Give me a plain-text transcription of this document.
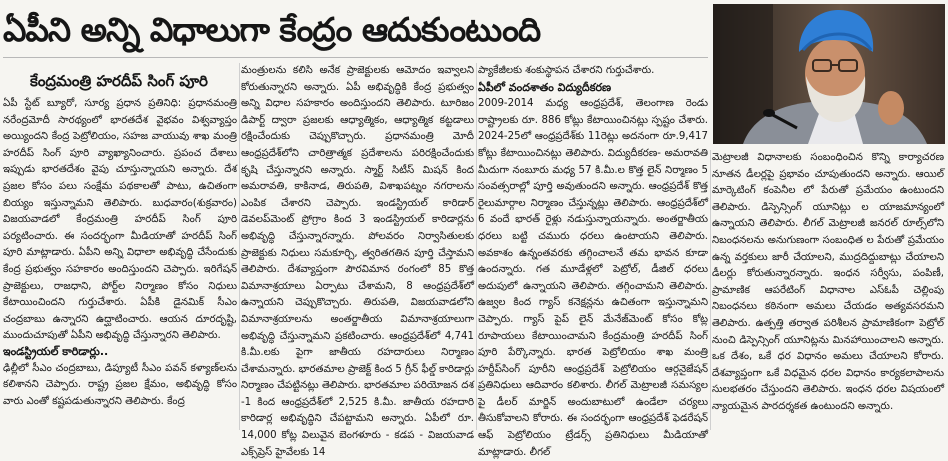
ఏపీని అన్ని విధాలుగా కేంద్రం ఆదుకుంటుంది
కేంద్రమంత్రి హరదీప్ సింగ్ పూరి

ఏపీ స్టేట్ బ్యూరో, సూర్య ప్రధాన ప్రతినిధి: ప్రధానమంత్రి నరేంద్రమోదీ సారథ్యంలో భారతదేశ వైభవం విశ్వవ్యాప్తం అయ్యిందని కేంద్ర పెట్రోలియం, సహజ వాయువు శాఖ మంత్రి హరదీప్ సింగ్ పూరి వ్యాఖ్యానించారు. ప్రపంచ దేశాలు ఇప్పుడు భారతదేశం వైపు చూస్తున్నాయని అన్నారు. దేశ ప్రజల కోసం పలు సంక్షేమ పథకాలతో పాటు, ఉచితంగా బియ్యం ఇస్తున్నామని తెలిపారు. బుధవారం(శుక్రవారం) విజయవాడలో కేంద్రమంత్రి హరదీప్ సింగ్ పూరి పర్యటించారు. ఈ సందర్భంగా మీడియాతో హరదీప్ సింగ్ పూరి మాట్లాడారు. ఏపీని అన్ని విధాలా అభివృద్ధి చేసేందుకు కేంద్ర ప్రభుత్వం సహకారం అందిస్తుందని చెప్పారు. ఇరిగేషన్ ప్రాజెక్టులు, రాజధాని, పోర్ట్‌ల నిర్మాణం కోసం నిధులు కేటాయించిందని గుర్తుచేశారు. ఏపీకి డైనమిక్ సీఎం చంద్రబాబు ఉన్నారని ఉద్ఘాటించారు. ఆయన దూరదృష్టి, ముందుచూపుతో ఏపీని అభివృద్ధి చేస్తున్నారని తెలిపారు.

ఇండస్ట్రియల్ కారిడార్లు..

ఢిల్లీలో సీఎం చంద్రబాబు, డిప్యూటీ సీఎం పవన్ కళ్యాణ్‌లను కలిశానని చెప్పారు. రాష్ట్ర ప్రజల క్షేమం, అభివృద్ధి కోసం వారు ఎంతో కష్టపడుతున్నారని తెలిపారు. కేంద్ర

మంత్రులను కలిసి అనేక ప్రాజెక్టులకు ఆమోదం ఇవ్వాలని కోరుతున్నారని అన్నారు. ఏపీ అభివృద్ధికి కేంద్ర ప్రభుత్వం అన్ని విధాల సహకారం అందిస్తుందని తెలిపారు. టూరిజం డిపార్ట్ ద్వారా ప్రజలకు ఆధ్యాత్మికం, ఆధ్యాత్మిక కట్టడాలు రక్షించేందుకు చెప్పుకొచ్చారు. ప్రధానమంత్రి మోదీ ఆంధ్రప్రదేశ్‌లోని చారిత్రాత్మక ప్రదేశాలను పరిరక్షించేందుకు కృషి చేస్తున్నారని అన్నారు. స్మార్ట్ సిటీస్ మిషన్ కింద అమరావతి, కాకినాడ, తిరుపతి, విశాఖపట్నం నగరాలను ఎంపిక చేశారని చెప్పారు. ఇండస్ట్రియల్ కారిడార్ డెవలప్‌మెంట్ ప్రోగ్రాం కింద 3 ఇండస్ట్రియల్ కారిడార్లను అభివృద్ధి చేస్తున్నారన్నారు. పోలవరం నిర్వాసితులకు ప్రాజెక్టుకు నిధులు సమకూర్చి, త్వరితగతిన పూర్తి చేస్తామని తెలిపారు. దేశవ్యాప్తంగా పౌరవిమాన రంగంలో 85 కొత్త విమానాశ్రయాలు ఏర్పాటు చేశామని, 8 ఆంధ్రప్రదేశ్‌లో ఉన్నాయని చెప్పుకొచ్చారు. తిరుపతి, విజయవాడలోని విమానాశ్రయాలను అంతర్జాతీయ విమానాశ్రయాలుగా అభివృద్ధి చేస్తున్నామని ప్రకటించారు. ఆంధ్రప్రదేశ్‌లో 4,741 కి.మీ.లకు పైగా జాతీయ రహదారులు నిర్మాణం చేశామన్నారు. భారతమాల ప్రాజెక్ట్ కింద 5 గ్రీన్ ఫీల్డ్ కారిడార్లు నిర్మాణం చేపట్టినట్లు తెలిపారు. భారతమాల పరియోజన దశ -1 కింద ఆంధ్రప్రదేశ్‌లో 2,525 కి.మీ. జాతీయ రహదారి కారిడార్ల అభివృద్ధిని చేపట్టామని అన్నారు. ఏపీలో రూ. 14,000 కోట్ల విలువైన బెంగళూరు - కడప - విజయవాడ ఎక్స్‌ప్రెస్ హైవేలకు 14

ప్యాకేజీలకు శంకుస్థాపన చేశారని గుర్తుచేశారు.

ఏపీలో వందశాతం విద్యుదీకరణ

2009-2014 మధ్య ఆంధ్రప్రదేశ్, తెలంగాణ రెండు రాష్ట్రాలకు రూ. 886 కోట్లు కేటాయించినట్లు స్పష్టం చేశారు. 2024-25లో ఆంధ్రప్రదేశ్‌కు 11రెట్లు అదనంగా రూ.9,417 కోట్లు కేటాయించినట్లు తెలిపారు. విద్యుదీకరణ- అమరావతి మీదుగా నంబూరు మధ్య 57 కి.మీ.ల కొత్త లైన్ నిర్మాణం 5 సంవత్సరాల్లో పూర్తి అవుతుందని అన్నారు. ఆంధ్రప్రదేశ్ కొత్త రైలుమార్గాల నిర్మాణం చేస్తున్నట్లు తెలిపారు. ఆంధ్రప్రదేశ్‌లో 6 వందే భారత్ రైళ్లు నడుస్తున్నాయన్నారు. అంతర్జాతీయ ధరలు బట్టి చమురు ధరలు ఉంటాయని తెలిపారు. అవకాశం ఉన్నంతవరకు తగ్గించాలనే తమ భావన కూడా ఉందన్నారు. గత మూడేళ్లలో పెట్రోల్, డీజిల్ ధరలు అదుపులో ఉన్నాయని తెలిపారు. తగ్గించామని తెలిపారు. ఉజ్వల కింద గ్యాస్ కనెక్షన్లను ఉచితంగా ఇస్తున్నామని చెప్పారు. గ్యాస్ పైప్ లైన్ మేనేజ్‌మెంట్ కోసం కోట్ల రూపాయలు కేటాయించామని కేంద్రమంత్రి హరదీప్ సింగ్ పూరి పేర్కొన్నారు. భారత పెట్రోలియం శాఖ మంత్రి హర్దీప్‌సింగ్ పూరీని ఆంధ్రప్రదేశ్ పెట్రోలియం ఆర్గనైజేషన్ ప్రతినిధులు ఆదివారం కలిశారు. లీగల్ మెట్రాలజీ సమస్యల పై డీలర్ మార్జిన్ అందుబాటులో ఉండేలా చర్యలు తీసుకోవాలని కోరారు. ఈ సందర్భంగా ఆంధ్రప్రదేశ్ ఫెడరేషన్ ఆఫ్ పెట్రోలియం ట్రేడర్స్ ప్రతినిధులు మీడియాతో మాట్లాడారు. లీగల్

మెట్రాలజీ విధానాలకు సంబంధించిన కొన్ని కార్యాచరణ నూతన డీలర్లపై ప్రభావం చూపుతుందని అన్నారు. ఆయిల్ మార్కెటింగ్ కంపెనీల లో పేరుతో ప్రమేయం ఉంటుందని తెలిపారు. డిస్పెన్సింగ్ యూనిట్లు ల యాజమాన్యంలో ఉన్నాయని తెలిపారు. లీగల్ మెట్రాలజీ జనరల్ రూల్స్‌లోని నిబంధనలను అనుగుణంగా సంబంధిత ల పేరుతో ప్రమేయం ఉన్న వర్తకులు జారీ చేయాలని, ముద్రదిద్దుబాట్లు చేయాలని డీలర్లు కోరుతున్నారన్నారు. ఇంధన సర్వీసు, పంపిణీ, ప్రామాణిక ఆపరేటింగ్ విధానాల ఎస్ఓపీ చెల్లింపు నిబంధనలు కఠినంగా అమలు చేయడం అత్యవసరమని తెలిపారు. ఉత్పత్తి తర్వాత పరిశీలన ప్రామాణికంగా పెట్రోల్‌ నుంచి డిస్పెన్సింగ్ యూనిట్లను మినహాయించాలని అన్నారు. ఒక దేశం, ఒకే ధర విధానం అమలు చేయాలని కోరారు. దేశవ్యాప్తంగా ఒకే విధమైన ధరల విధానం కార్యకలాపాలను సులభతరం చేస్తుందని తెలిపారు. ఇంధన ధరల విషయంలో న్యాయమైన పారదర్శకత ఉంటుందని అన్నారు.
